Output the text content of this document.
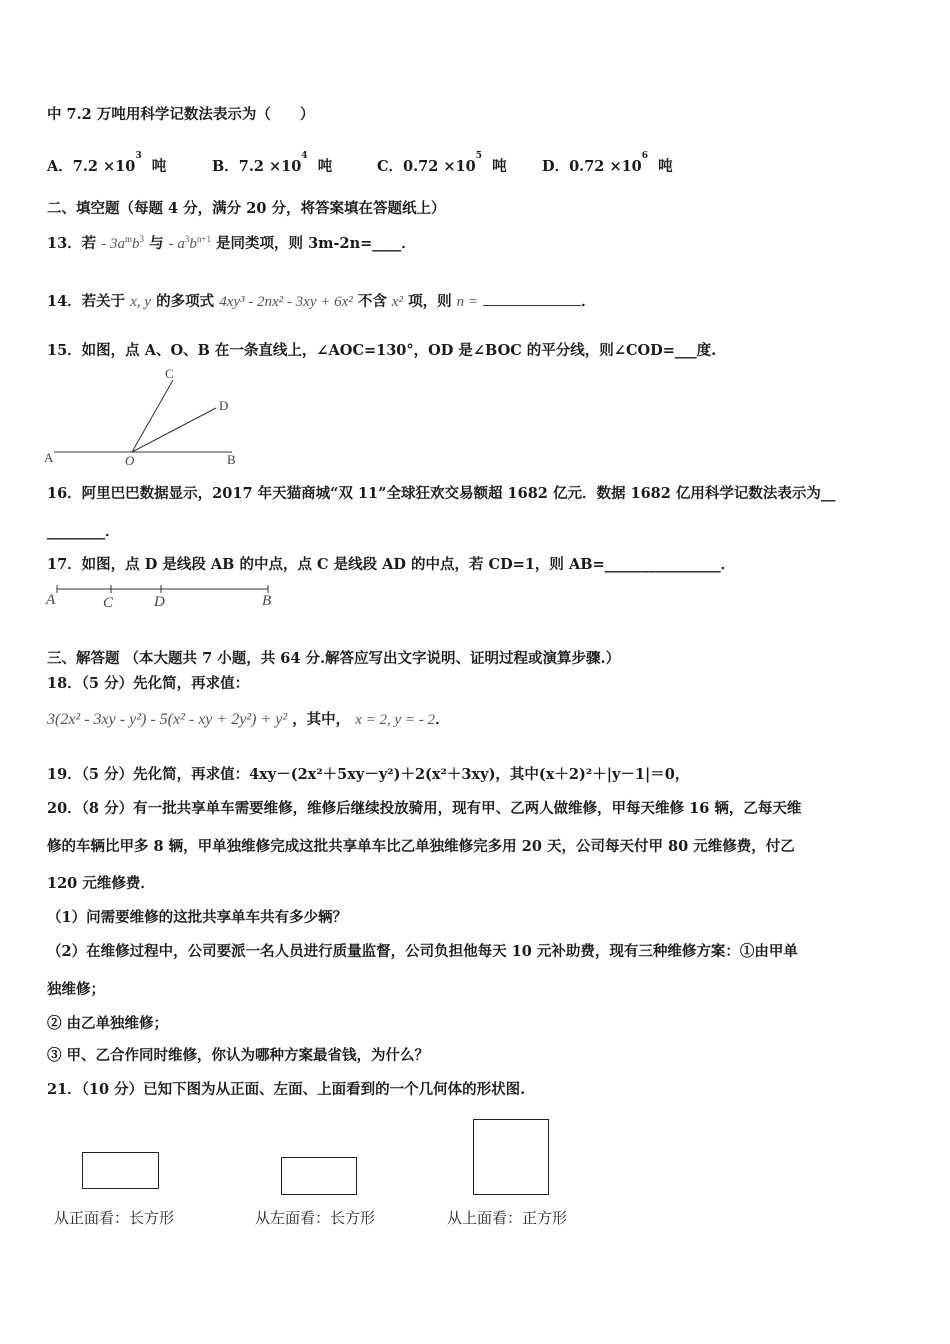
中 7.2 万吨用科学记数法表示为（　　）
A．$7.2 \times 10^3$  吨	B．$7.2 \times 10^4$  吨	C．$0.72 \times 10^5$  吨 D．$0.72 \times 10^6$  吨
二、填空题（每题 4 分，满分 20 分，将答案填在答题纸上）
13．若 - $3a^mb^3$ 与 - $a^3b^{n+1}$ 是同类项，则 3m-2n=____．
14．若关于 x, y 的多项式 4xy³ - 2nx² - 3xy + 6x² 不含 x² 项，则 n =	．
15．如图，点 A、O、B 在一条直线上，∠AOC=130°，OD 是∠BOC 的平分线，则∠COD=___度.
A	O	B
C
D
16．阿里巴巴数据显示，2017 年天猫商城“双 11”全球狂欢交易额超 1682 亿元．数据 1682 亿用科学记数法表示为__
________．
17．如图，点 D 是线段 AB 的中点，点 C 是线段 AD 的中点，若 CD=1，则 AB=________________．
A	C	D	B
三、解答题 （本大题共 7 小题，共 64 分.解答应写出文字说明、证明过程或演算步骤.）
18．（5 分）先化简，再求值：
3(2x² - 3xy - y²) - 5(x² - xy + 2y²) + y² ，其中， x = 2, y = - 2．
19．（5 分）先化简，再求值：4xy－(2x²＋5xy－y²)＋2(x²＋3xy)，其中(x＋2)²＋|y－1|＝0，
20．（8 分）有一批共享单车需要维修，维修后继续投放骑用，现有甲、乙两人做维修，甲每天维修 16 辆，乙每天维
修的车辆比甲多 8 辆，甲单独维修完成这批共享单车比乙单独维修完多用 20 天，公司每天付甲 80 元维修费，付乙
120 元维修费．
（1）问需要维修的这批共享单车共有多少辆？
（2）在维修过程中，公司要派一名人员进行质量监督，公司负担他每天 10 元补助费，现有三种维修方案：①由甲单
独维修；
② 由乙单独维修；
③ 甲、乙合作同时维修，你认为哪种方案最省钱，为什么？
21．（10 分）已知下图为从正面、左面、上面看到的一个几何体的形状图.
从正面看：长方形	从左面看：长方形	从上面看：正方形
